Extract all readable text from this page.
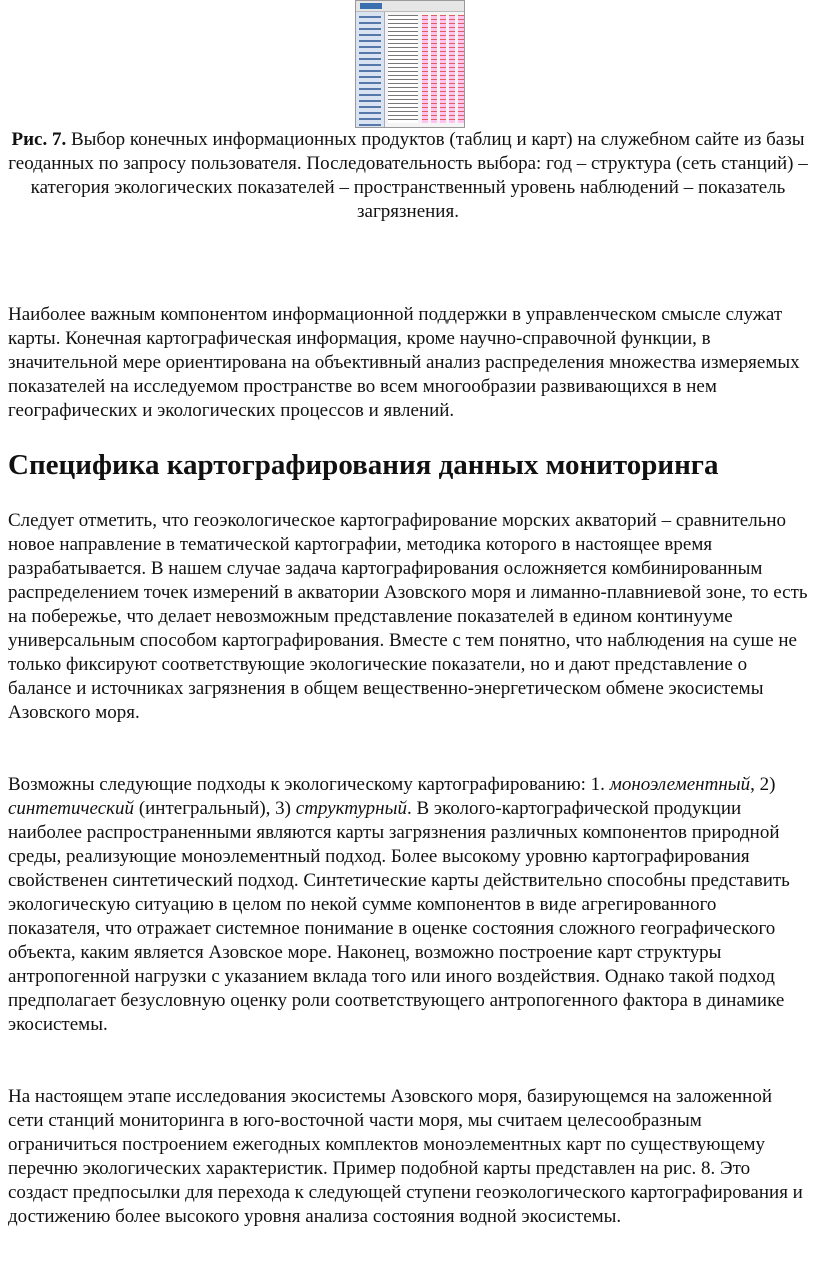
Рис. 7. Выбор конечных информационных продуктов (таблиц и карт) на служебном сайте из базы геоданных по запросу пользователя. Последовательность выбора: год – структура (сеть станций) – категория экологических показателей – пространственный уровень наблюдений – показатель загрязнения.

Наиболее важным компонентом информационной поддержки в управленческом смысле служат карты. Конечная картографическая информация, кроме научно-справочной функции, в значительной мере ориентирована на объективный анализ распределения множества измеряемых показателей на исследуемом пространстве во всем многообразии развивающихся в нем географических и экологических процессов и явлений.

Специфика картографирования данных мониторинга

Следует отметить, что геоэкологическое картографирование морских акваторий – сравнительно новое направление в тематической картографии, методика которого в настоящее время разрабатывается. В нашем случае задача картографирования осложняется комбинированным распределением точек измерений в акватории Азовского моря и лиманно-плавниевой зоне, то есть на побережье, что делает невозможным представление показателей в едином континууме универсальным способом картографирования. Вместе с тем понятно, что наблюдения на суше не только фиксируют соответствующие экологические показатели, но и дают представление о балансе и источниках загрязнения в общем вещественно-энергетическом обмене экосистемы Азовского моря.

Возможны следующие подходы к экологическому картографированию: 1. моноэлементный, 2) синтетический (интегральный), 3) структурный. В эколого-картографической продукции наиболее распространенными являются карты загрязнения различных компонентов природной среды, реализующие моноэлементный подход. Более высокому уровню картографирования свойственен синтетический подход. Синтетические карты действительно способны представить экологическую ситуацию в целом по некой сумме компонентов в виде агрегированного показателя, что отражает системное понимание в оценке состояния сложного географического объекта, каким является Азовское море. Наконец, возможно построение карт структуры антропогенной нагрузки с указанием вклада того или иного воздействия. Однако такой подход предполагает безусловную оценку роли соответствующего антропогенного фактора в динамике экосистемы.

На настоящем этапе исследования экосистемы Азовского моря, базирующемся на заложенной сети станций мониторинга в юго-восточной части моря, мы считаем целесообразным ограничиться построением ежегодных комплектов моноэлементных карт по существующему перечню экологических характеристик. Пример подобной карты представлен на рис. 8. Это создаст предпосылки для перехода к следующей ступени геоэкологического картографирования и достижению более высокого уровня анализа состояния водной экосистемы.
